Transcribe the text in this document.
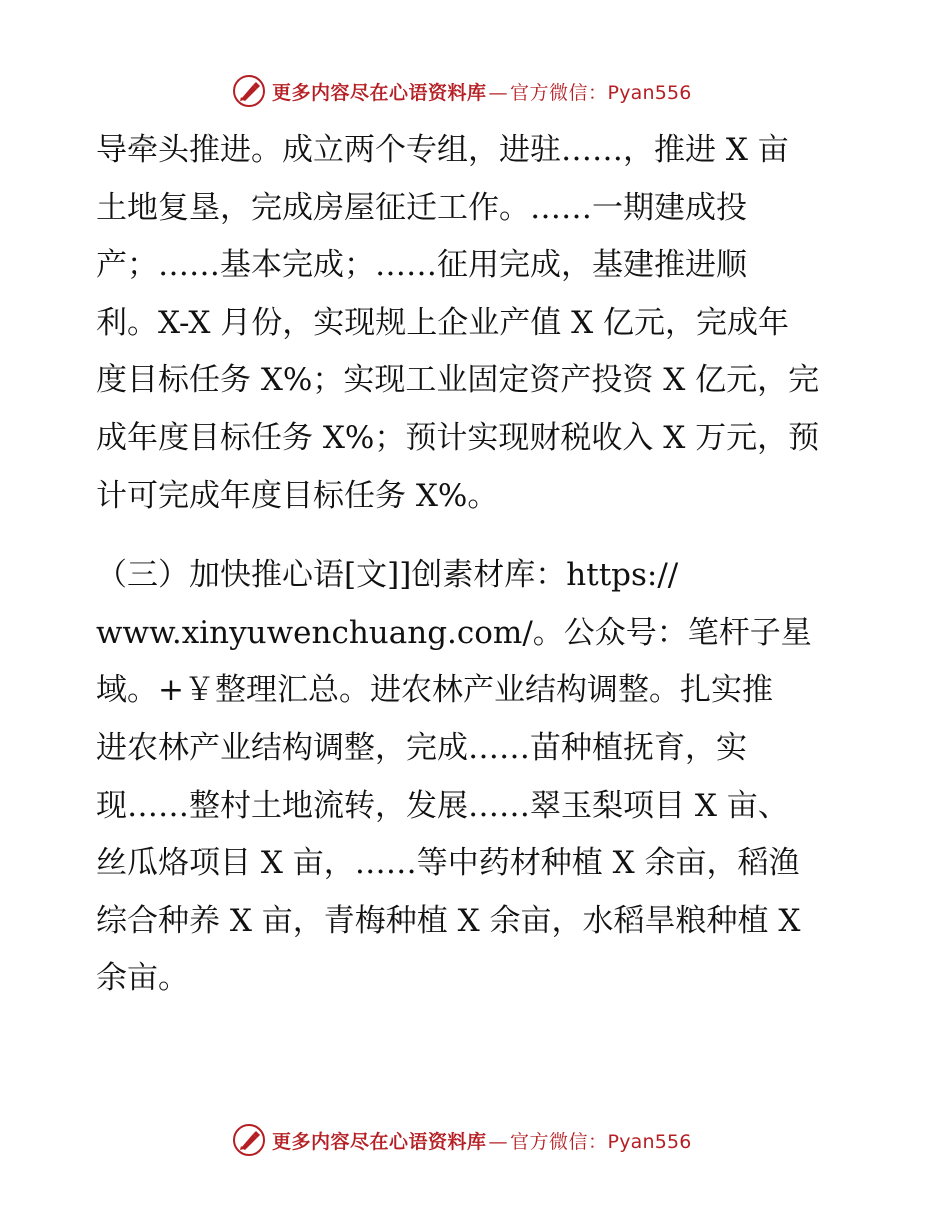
更多内容尽在心语资料库 — 官方微信：Pyan556

导牵头推进。成立两个专组，进驻……，推进 X 亩
土地复垦，完成房屋征迁工作。……一期建成投
产；……基本完成；……征用完成，基建推进顺
利。X-X 月份，实现规上企业产值 X 亿元，完成年
度目标任务 X%；实现工业固定资产投资 X 亿元，完
成年度目标任务 X%；预计实现财税收入 X 万元，预
计可完成年度目标任务 X%。

（三）加快推心语[文]]创素材库：https://
www.xinyuwenchuang.com/。公众号：笔杆子星
域。+￥整理汇总。进农林产业结构调整。扎实推
进农林产业结构调整，完成……苗种植抚育，实
现……整村土地流转，发展……翠玉梨项目 X 亩、
丝瓜烙项目 X 亩，……等中药材种植 X 余亩，稻渔
综合种养 X 亩，青梅种植 X 余亩，水稻旱粮种植 X
余亩。

更多内容尽在心语资料库 — 官方微信：Pyan556
